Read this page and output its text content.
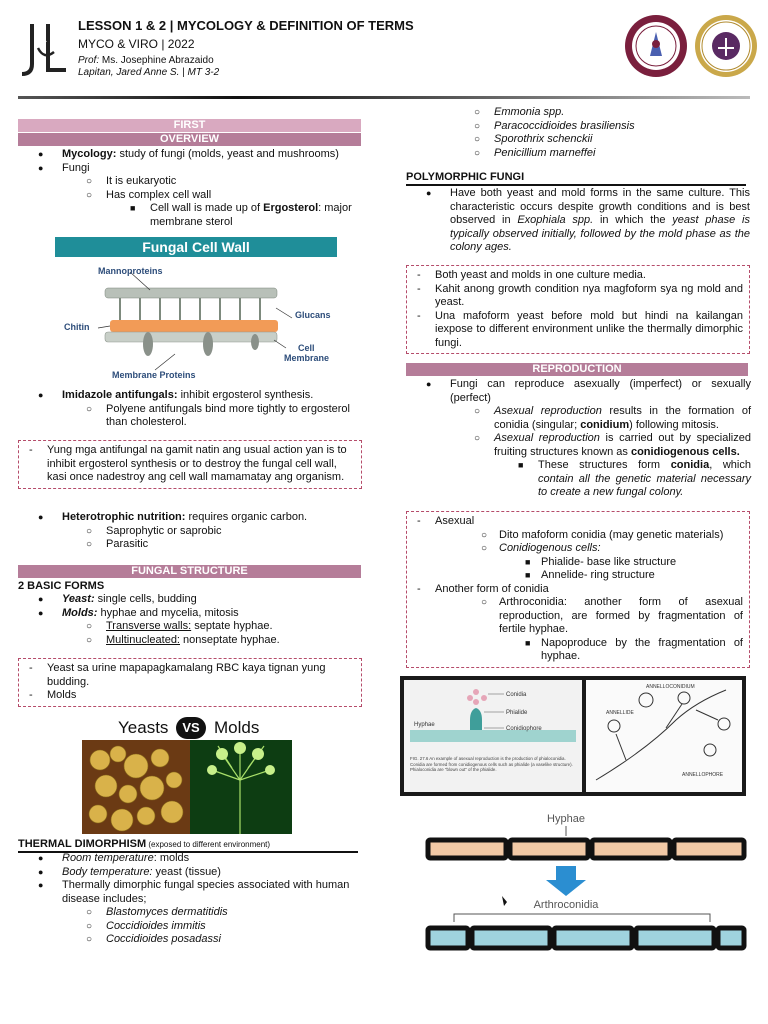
JL
LESSON 1 & 2 | MYCOLOGY & DEFINITION OF TERMS
MYCO & VIRO | 2022
Prof: Ms. Josephine Abrazaido
Lapitan, Jared Anne S. | MT 3-2
FIRST
OVERVIEW
● Mycology: study of fungi (molds, yeast and mushrooms)
● Fungi
○ It is eukaryotic
○ Has complex cell wall
■ Cell wall is made up of Ergosterol: major membrane sterol
Fungal Cell Wall
Mannoproteins
Glucans
Chitin
Cell
Membrane
Membrane Proteins
● Imidazole antifungals: inhibit ergosterol synthesis.
○ Polyene antifungals bind more tightly to ergosterol than cholesterol.
- Yung mga antifungal na gamit natin ang usual action yan is to inhibit ergosterol synthesis or to destroy the fungal cell wall, kasi once nadestroy ang cell wall mamamatay ang organism.
● Heterotrophic nutrition: requires organic carbon.
○ Saprophytic or saprobic
○ Parasitic
FUNGAL STRUCTURE
2 BASIC FORMS
● Yeast: single cells, budding
● Molds: hyphae and mycelia, mitosis
○ Transverse walls: septate hyphae.
○ Multinucleated: nonseptate hyphae.
- Yeast sa urine mapapagkamalang RBC kaya tignan yung budding.
- Molds
Yeasts	VS Molds
THERMAL DIMORPHISM (exposed to different environment)
● Room temperature: molds
● Body temperature: yeast (tissue)
● Thermally dimorphic fungal species associated with human disease includes;
○ Blastomyces dermatitidis
○ Coccidioides immitis
○ Coccidioides posadassi
○ Emmonia spp.
○ Paracoccidioides brasiliensis
○ Sporothrix schenckii
○ Penicillium marneffei
POLYMORPHIC FUNGI
● Have both yeast and mold forms in the same culture. This characteristic occurs despite growth conditions and is best observed in Exophiala spp. in which the yeast phase is typically observed initially, followed by the mold phase as the colony ages.
- Both yeast and molds in one culture media.
- Kahit anong growth condition nya magfoform sya ng mold and yeast.
- Una mafoform yeast before mold but hindi na kailangan iexpose to different environment unlike the thermally dimorphic fungi.
REPRODUCTION
● Fungi can reproduce asexually (imperfect) or sexually (perfect)
○ Asexual reproduction results in the formation of conidia (singular; conidium) following mitosis.
○ Asexual reproduction is carried out by specialized fruiting structures known as conidiogenous cells.
■ These structures form conidia, which contain all the genetic material necessary to create a new fungal colony.
- Asexual
○ Dito mafoform conidia (may genetic materials)
○ Conidiogenous cells:
■ Phialide- base like structure
■ Annelide- ring structure
- Another form of conidia
○ Arthroconidia: another form of asexual reproduction, are formed by fragmentation of fertile hyphae.
■ Napoproduce by the fragmentation of hyphae.
Conidia
Phialide
Conidiophore
Hyphae
FIG. 27.6 An example of asexual reproduction is the production of phialoconidia. Conidia are formed from conidiogenous cells such as phialide (a vaselike structure). Phialoconidia are "blown out" of the phialide.
ANNELLOCONIDIUM
ANNELLIDE
ANNELLOPHORE
Hyphae
Arthroconidia
